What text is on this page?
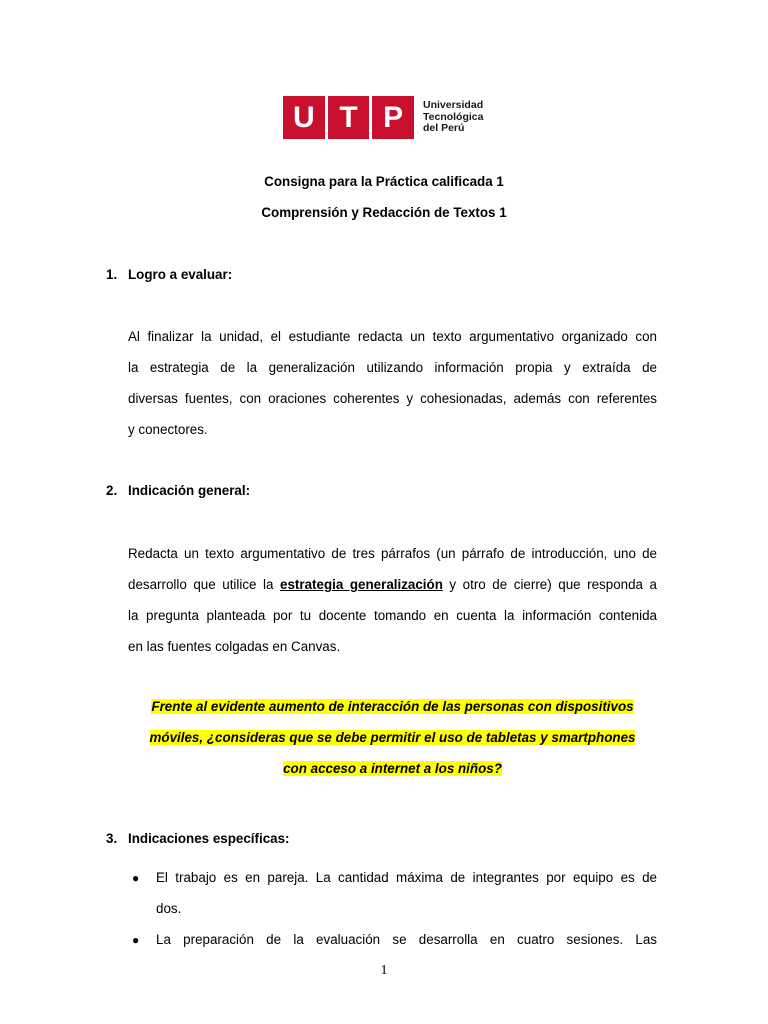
U T P	Universidad
Tecnológica
del Perú
Consigna para la Práctica calificada 1
Comprensión y Redacción de Textos 1
1. Logro a evaluar:
Al finalizar la unidad, el estudiante redacta un texto argumentativo organizado con
la estrategia de la generalización utilizando información propia y extraída de
diversas fuentes, con oraciones coherentes y cohesionadas, además con referentes
y conectores.
2. Indicación general:
Redacta un texto argumentativo de tres párrafos (un párrafo de introducción, uno de
desarrollo que utilice la estrategia generalización y otro de cierre) que responda a
la pregunta planteada por tu docente tomando en cuenta la información contenida
en las fuentes colgadas en Canvas.
Frente al evidente aumento de interacción de las personas con dispositivos
móviles, ¿consideras que se debe permitir el uso de tabletas y smartphones
con acceso a internet a los niños?
3. Indicaciones específicas:
● El trabajo es en pareja. La cantidad máxima de integrantes por equipo es de
dos.
● La preparación de la evaluación se desarrolla en cuatro sesiones. Las
1
